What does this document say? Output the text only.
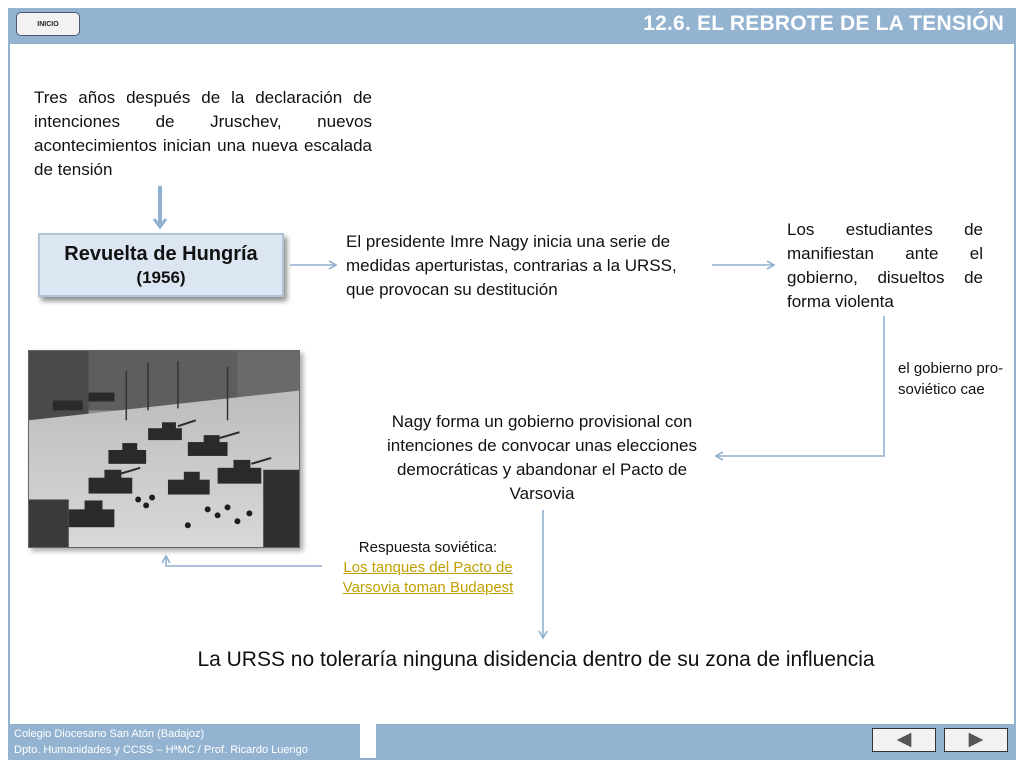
INICIO	12.6. EL REBROTE DE LA TENSIÓN
Tres años después de la declaración de intenciones de Jruschev, nuevos acontecimientos inician una nueva escalada de tensión
Revuelta de Hungría
(1956)
El presidente Imre Nagy inicia una serie de medidas aperturistas, contrarias a la URSS, que provocan su destitución
Los estudiantes de manifiestan ante el gobierno, disueltos de forma violenta
el gobierno pro-soviético cae
Nagy forma un gobierno provisional con intenciones de convocar unas elecciones democráticas y abandonar el Pacto de Varsovia
Respuesta soviética:
Los tanques del Pacto de Varsovia toman Budapest
La URSS no toleraría ninguna disidencia dentro de su zona de influencia
Colegio Diocesano San Atón (Badajoz)
Dpto. Humanidades y CCSS – HªMC / Prof. Ricardo Luengo
